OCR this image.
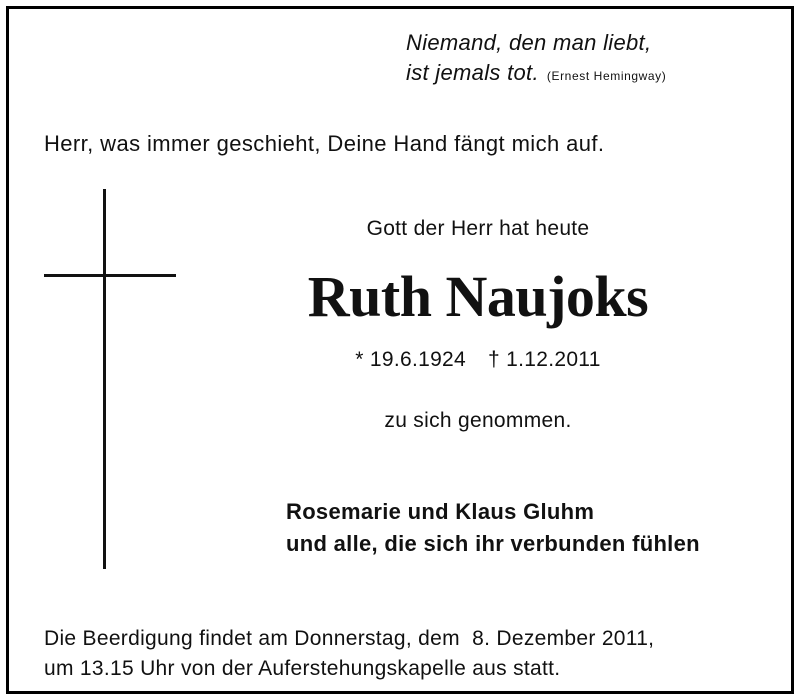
Niemand, den man liebt,
ist jemals tot. (Ernest Hemingway)
Herr, was immer geschieht, Deine Hand fängt mich auf.
Gott der Herr hat heute
Ruth Naujoks
* 19.6.1924 † 1.12.2011
zu sich genommen.
Rosemarie und Klaus Gluhm
und alle, die sich ihr verbunden fühlen
Die Beerdigung findet am Donnerstag, dem  8. Dezember 2011,
um 13.15 Uhr von der Auferstehungskapelle aus statt.
